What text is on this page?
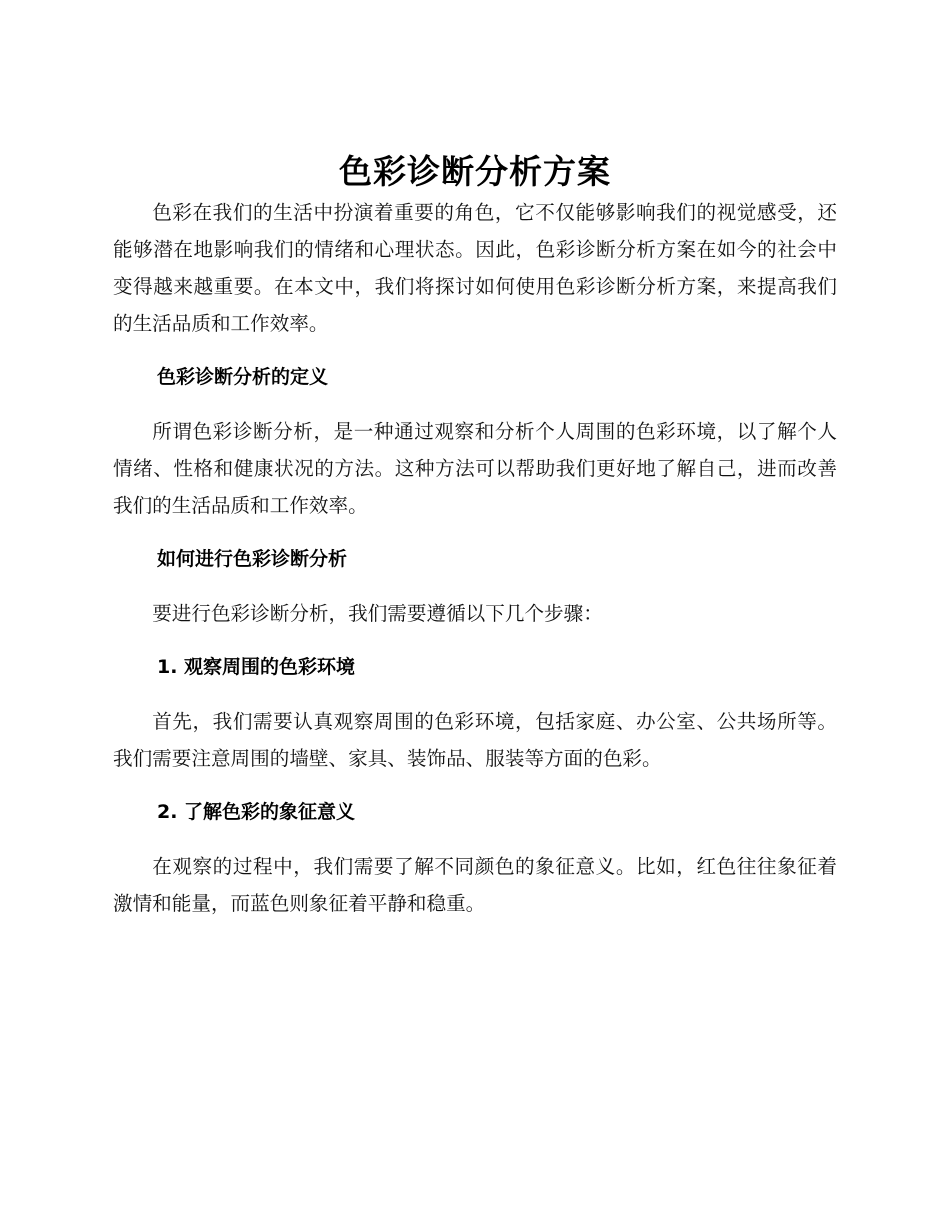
色彩诊断分析方案

色彩在我们的生活中扮演着重要的角色，它不仅能够影响我们的视觉感受，还能够潜在地影响我们的情绪和心理状态。因此，色彩诊断分析方案在如今的社会中变得越来越重要。在本文中，我们将探讨如何使用色彩诊断分析方案，来提高我们的生活品质和工作效率。

色彩诊断分析的定义

所谓色彩诊断分析，是一种通过观察和分析个人周围的色彩环境，以了解个人情绪、性格和健康状况的方法。这种方法可以帮助我们更好地了解自己，进而改善我们的生活品质和工作效率。

如何进行色彩诊断分析

要进行色彩诊断分析，我们需要遵循以下几个步骤：

1. 观察周围的色彩环境

首先，我们需要认真观察周围的色彩环境，包括家庭、办公室、公共场所等。我们需要注意周围的墙壁、家具、装饰品、服装等方面的色彩。

2. 了解色彩的象征意义

在观察的过程中，我们需要了解不同颜色的象征意义。比如，红色往往象征着激情和能量，而蓝色则象征着平静和稳重。
